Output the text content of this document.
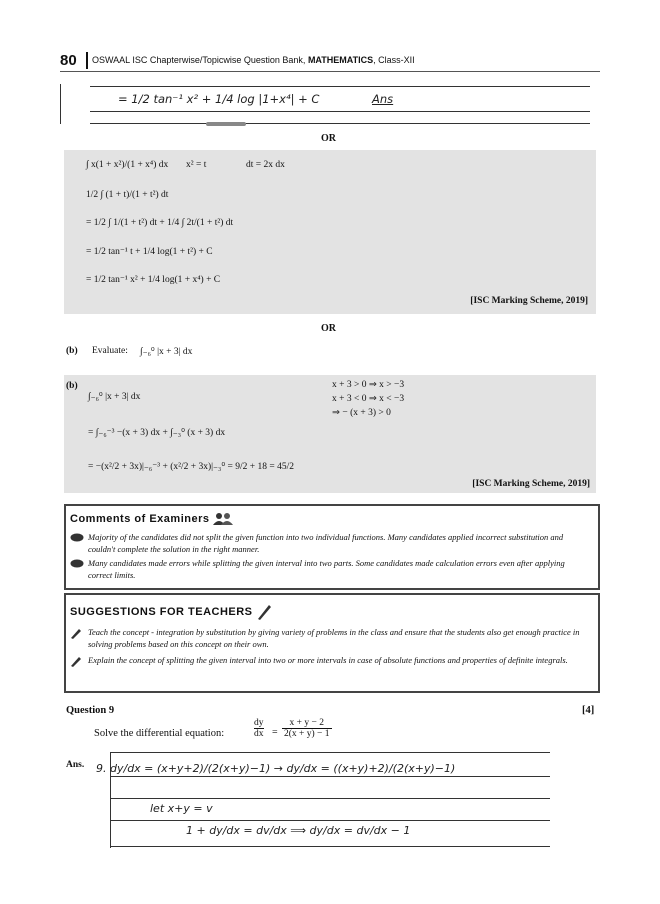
80 OSWAAL ISC Chapterwise/Topicwise Question Bank, MATHEMATICS, Class-XII
= 1/2 tan⁻¹ x² + 1/4 log |1+x⁴| + C	Ans
OR
∫ x(1 + x²)/(1 + x⁴) dx x² = t	dt = 2x dx
1/2 ∫ (1 + t)/(1 + t²) dt
= 1/2 ∫ 1/(1 + t²) dt + 1/4 ∫ 2t/(1 + t²) dt
= 1/2 tan⁻¹ t + 1/4 log(1 + t²) + C
= 1/2 tan⁻¹ x² + 1/4 log(1 + x⁴) + C
[ISC Marking Scheme, 2019]
OR
(b) Evaluate: ∫₋₆⁰ |x + 3| dx
(b)
∫₋₆⁰ |x + 3| dx
= ∫₋₆⁻³ −(x + 3) dx + ∫₋₃⁰ (x + 3) dx
= −(x²/2 + 3x)|₋₆⁻³ + (x²/2 + 3x)|₋₃⁰ = 9/2 + 18 = 45/2
x + 3 > 0 ⇒ x > −3
x + 3 < 0 ⇒ x < −3
⇒ − (x + 3) > 0
[ISC Marking Scheme, 2019]
Comments of Examiners
Majority of the candidates did not split the given function into two individual functions. Many candidates applied incorrect substitution and couldn't complete the solution in the right manner.
Many candidates made errors while splitting the given interval into two parts. Some candidates made calculation errors even after applying correct limits.
SUGGESTIONS FOR TEACHERS
Teach the concept - integration by substitution by giving variety of problems in the class and ensure that the students also get enough practice in solving problems based on this concept on their own.
Explain the concept of splitting the given interval into two or more intervals in case of absolute functions and properties of definite integrals.
Question 9	[4]
Solve the differential equation:	$\frac{dy}{dx} = \frac{x + y - 2}{2(x + y) - 1}$
Ans. 9. dy/dx = (x+y+2)/(2(x+y)−1) → dy/dx = ((x+y)+2)/(2(x+y)−1)
let x+y = v
1 + dy/dx = dv/dx ⟹ dy/dx = dv/dx − 1
